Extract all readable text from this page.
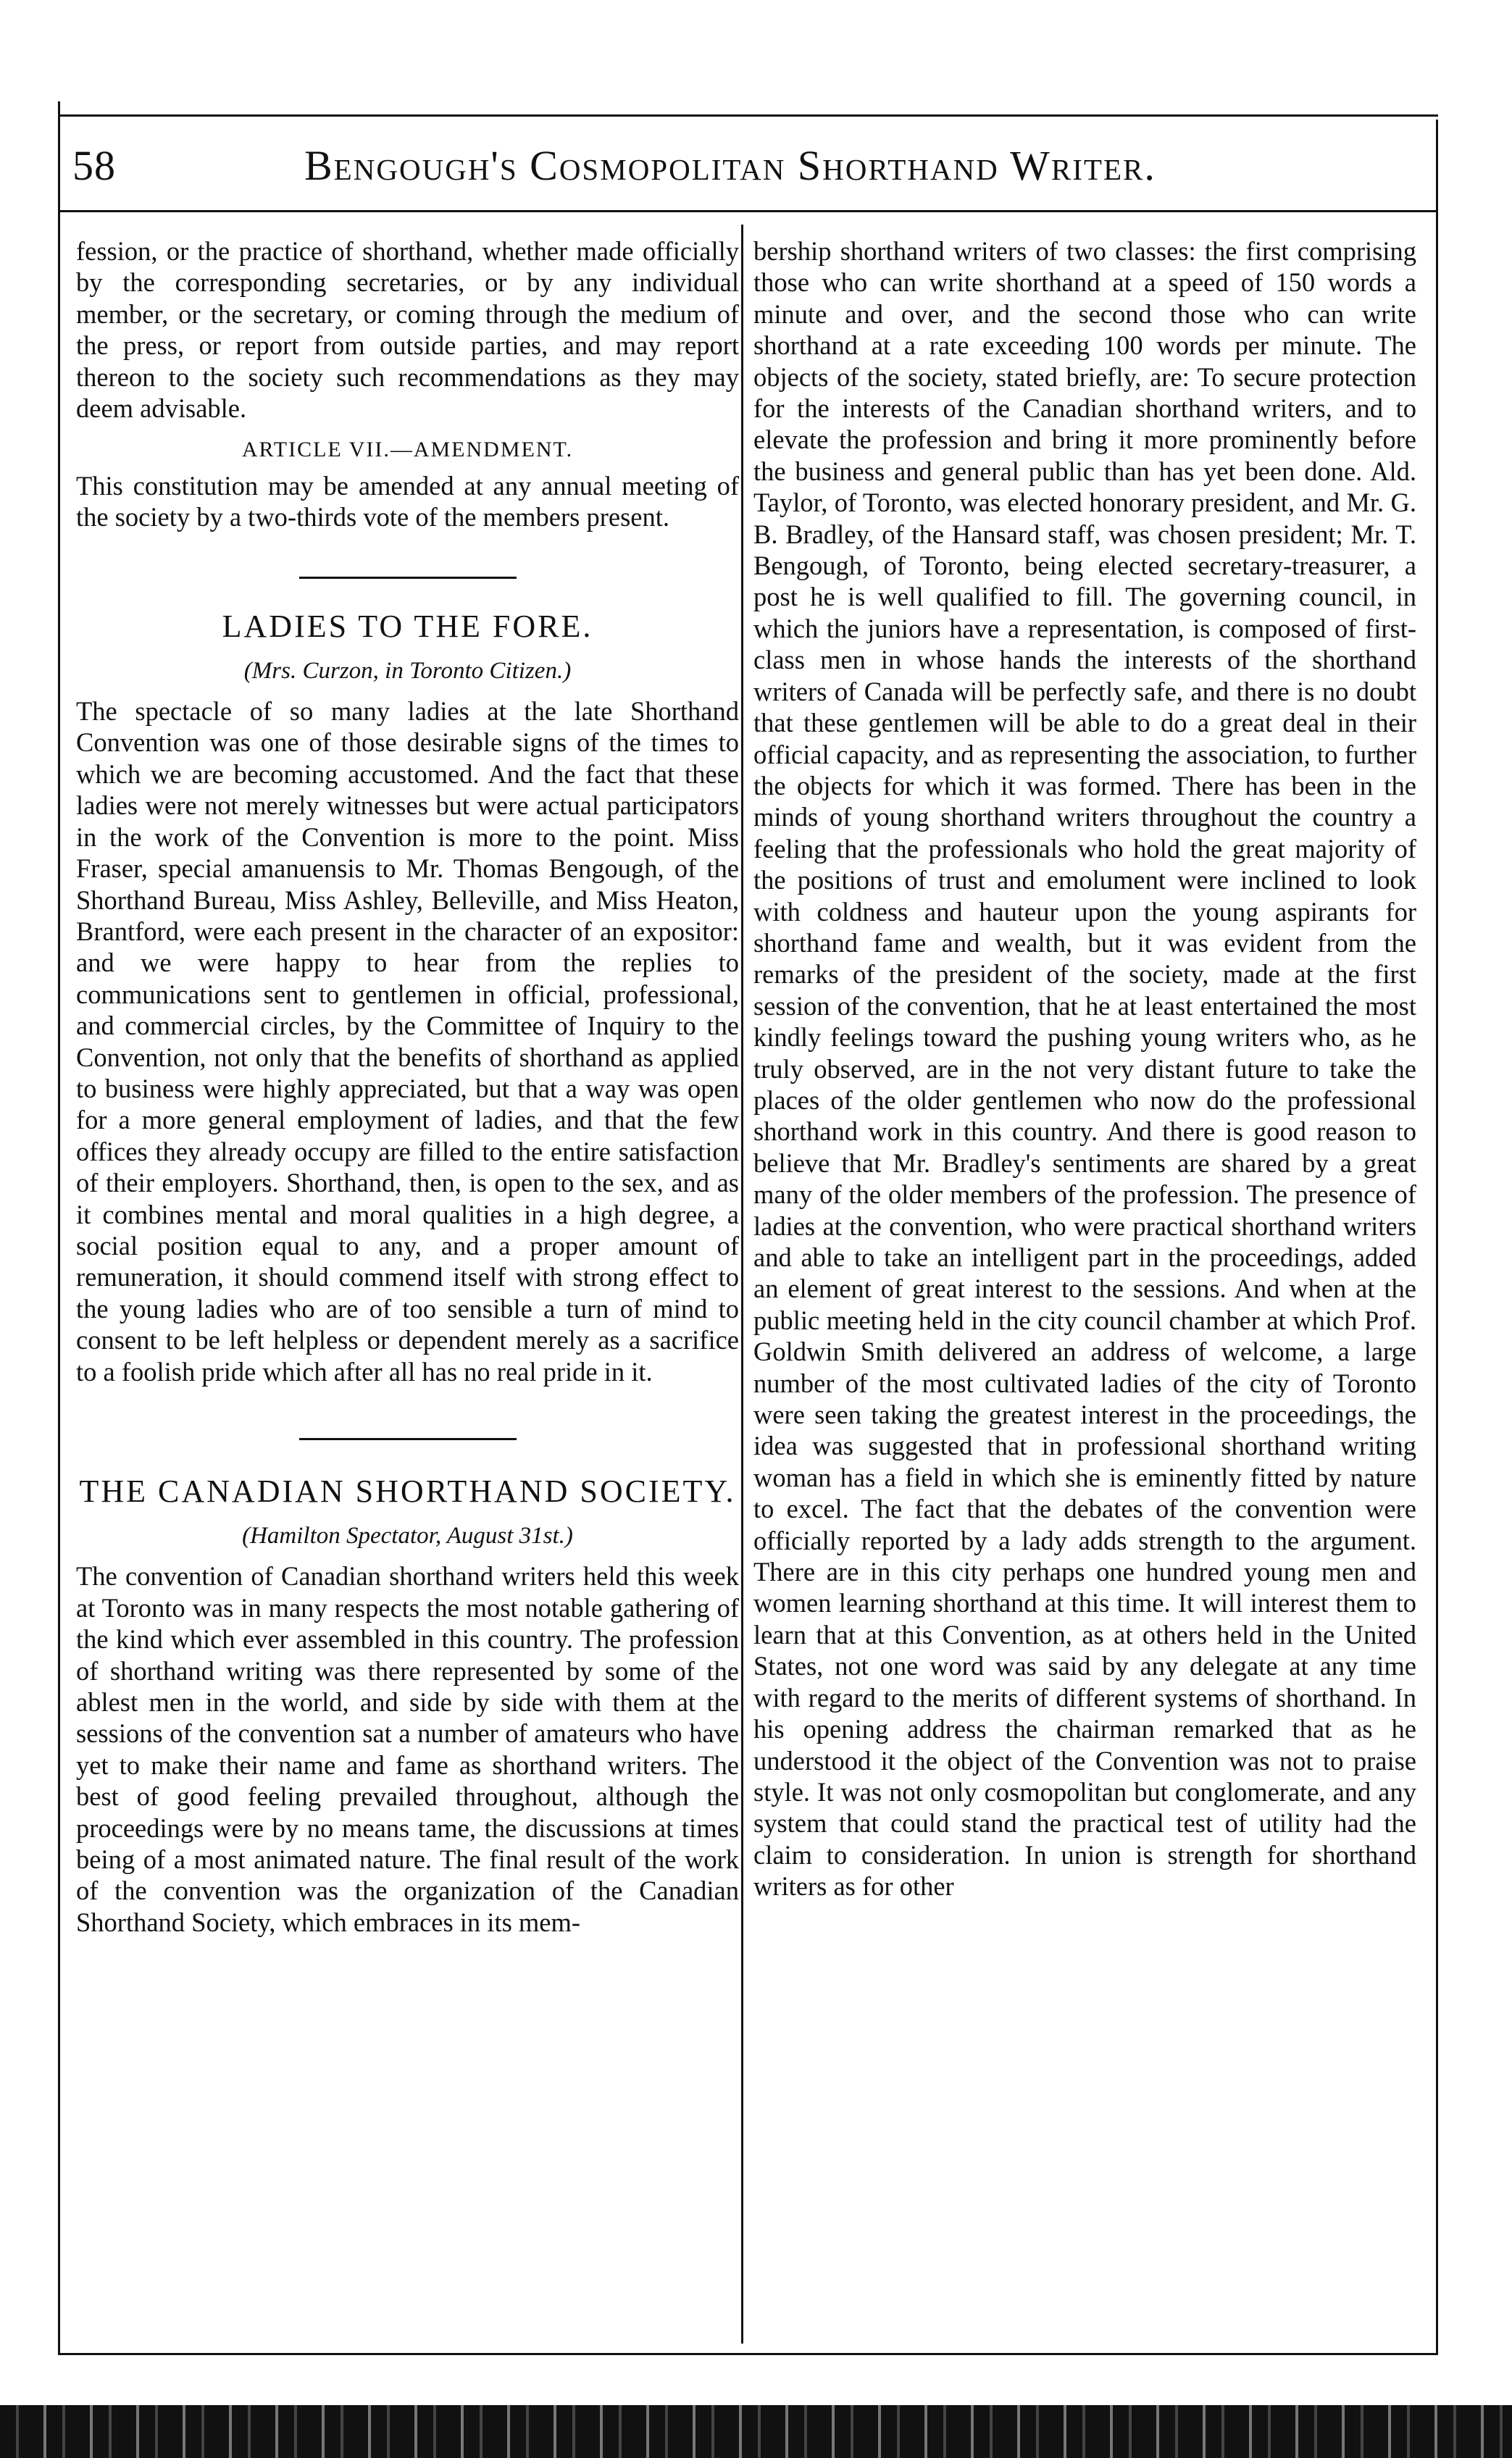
58	Bengough's Cosmopolitan Shorthand Writer.

fession, or the practice of shorthand, whether made officially by the corresponding secretaries, or by any individual member, or the secretary, or coming through the medium of the press, or report from outside parties, and may report thereon to the society such recommendations as they may deem advisable.

ARTICLE VII.—AMENDMENT.

This constitution may be amended at any annual meeting of the society by a two-thirds vote of the members present.

LADIES TO THE FORE.
(Mrs. Curzon, in Toronto Citizen.)

The spectacle of so many ladies at the late Shorthand Convention was one of those desirable signs of the times to which we are becoming accustomed. And the fact that these ladies were not merely witnesses but were actual participators in the work of the Convention is more to the point. Miss Fraser, special amanuensis to Mr. Thomas Bengough, of the Shorthand Bureau, Miss Ashley, Belleville, and Miss Heaton, Brantford, were each present in the character of an expositor: and we were happy to hear from the replies to communications sent to gentlemen in official, professional, and commercial circles, by the Committee of Inquiry to the Convention, not only that the benefits of shorthand as applied to business were highly appreciated, but that a way was open for a more general employment of ladies, and that the few offices they already occupy are filled to the entire satisfaction of their employers. Shorthand, then, is open to the sex, and as it combines mental and moral qualities in a high degree, a social position equal to any, and a proper amount of remuneration, it should commend itself with strong effect to the young ladies who are of too sensible a turn of mind to consent to be left helpless or dependent merely as a sacrifice to a foolish pride which after all has no real pride in it.

THE CANADIAN SHORTHAND SOCIETY.
(Hamilton Spectator, August 31st.)

The convention of Canadian shorthand writers held this week at Toronto was in many respects the most notable gathering of the kind which ever assembled in this country. The profession of shorthand writing was there represented by some of the ablest men in the world, and side by side with them at the sessions of the convention sat a number of amateurs who have yet to make their name and fame as shorthand writers. The best of good feeling prevailed throughout, although the proceedings were by no means tame, the discussions at times being of a most animated nature. The final result of the work of the convention was the organization of the Canadian Shorthand Society, which embraces in its mem-

bership shorthand writers of two classes: the first comprising those who can write shorthand at a speed of 150 words a minute and over, and the second those who can write shorthand at a rate exceeding 100 words per minute. The objects of the society, stated briefly, are: To secure protection for the interests of the Canadian shorthand writers, and to elevate the profession and bring it more prominently before the business and general public than has yet been done. Ald. Taylor, of Toronto, was elected honorary president, and Mr. G. B. Bradley, of the Hansard staff, was chosen president; Mr. T. Bengough, of Toronto, being elected secretary-treasurer, a post he is well qualified to fill. The governing council, in which the juniors have a representation, is composed of first-class men in whose hands the interests of the shorthand writers of Canada will be perfectly safe, and there is no doubt that these gentlemen will be able to do a great deal in their official capacity, and as representing the association, to further the objects for which it was formed. There has been in the minds of young shorthand writers throughout the country a feeling that the professionals who hold the great majority of the positions of trust and emolument were inclined to look with coldness and hauteur upon the young aspirants for shorthand fame and wealth, but it was evident from the remarks of the president of the society, made at the first session of the convention, that he at least entertained the most kindly feelings toward the pushing young writers who, as he truly observed, are in the not very distant future to take the places of the older gentlemen who now do the professional shorthand work in this country. And there is good reason to believe that Mr. Bradley's sentiments are shared by a great many of the older members of the profession. The presence of ladies at the convention, who were practical shorthand writers and able to take an intelligent part in the proceedings, added an element of great interest to the sessions. And when at the public meeting held in the city council chamber at which Prof. Goldwin Smith delivered an address of welcome, a large number of the most cultivated ladies of the city of Toronto were seen taking the greatest interest in the proceedings, the idea was suggested that in professional shorthand writing woman has a field in which she is eminently fitted by nature to excel. The fact that the debates of the convention were officially reported by a lady adds strength to the argument. There are in this city perhaps one hundred young men and women learning shorthand at this time. It will interest them to learn that at this Convention, as at others held in the United States, not one word was said by any delegate at any time with regard to the merits of different systems of shorthand. In his opening address the chairman remarked that as he understood it the object of the Convention was not to praise style. It was not only cosmopolitan but conglomerate, and any system that could stand the practical test of utility had the claim to consideration. In union is strength for shorthand writers as for other
